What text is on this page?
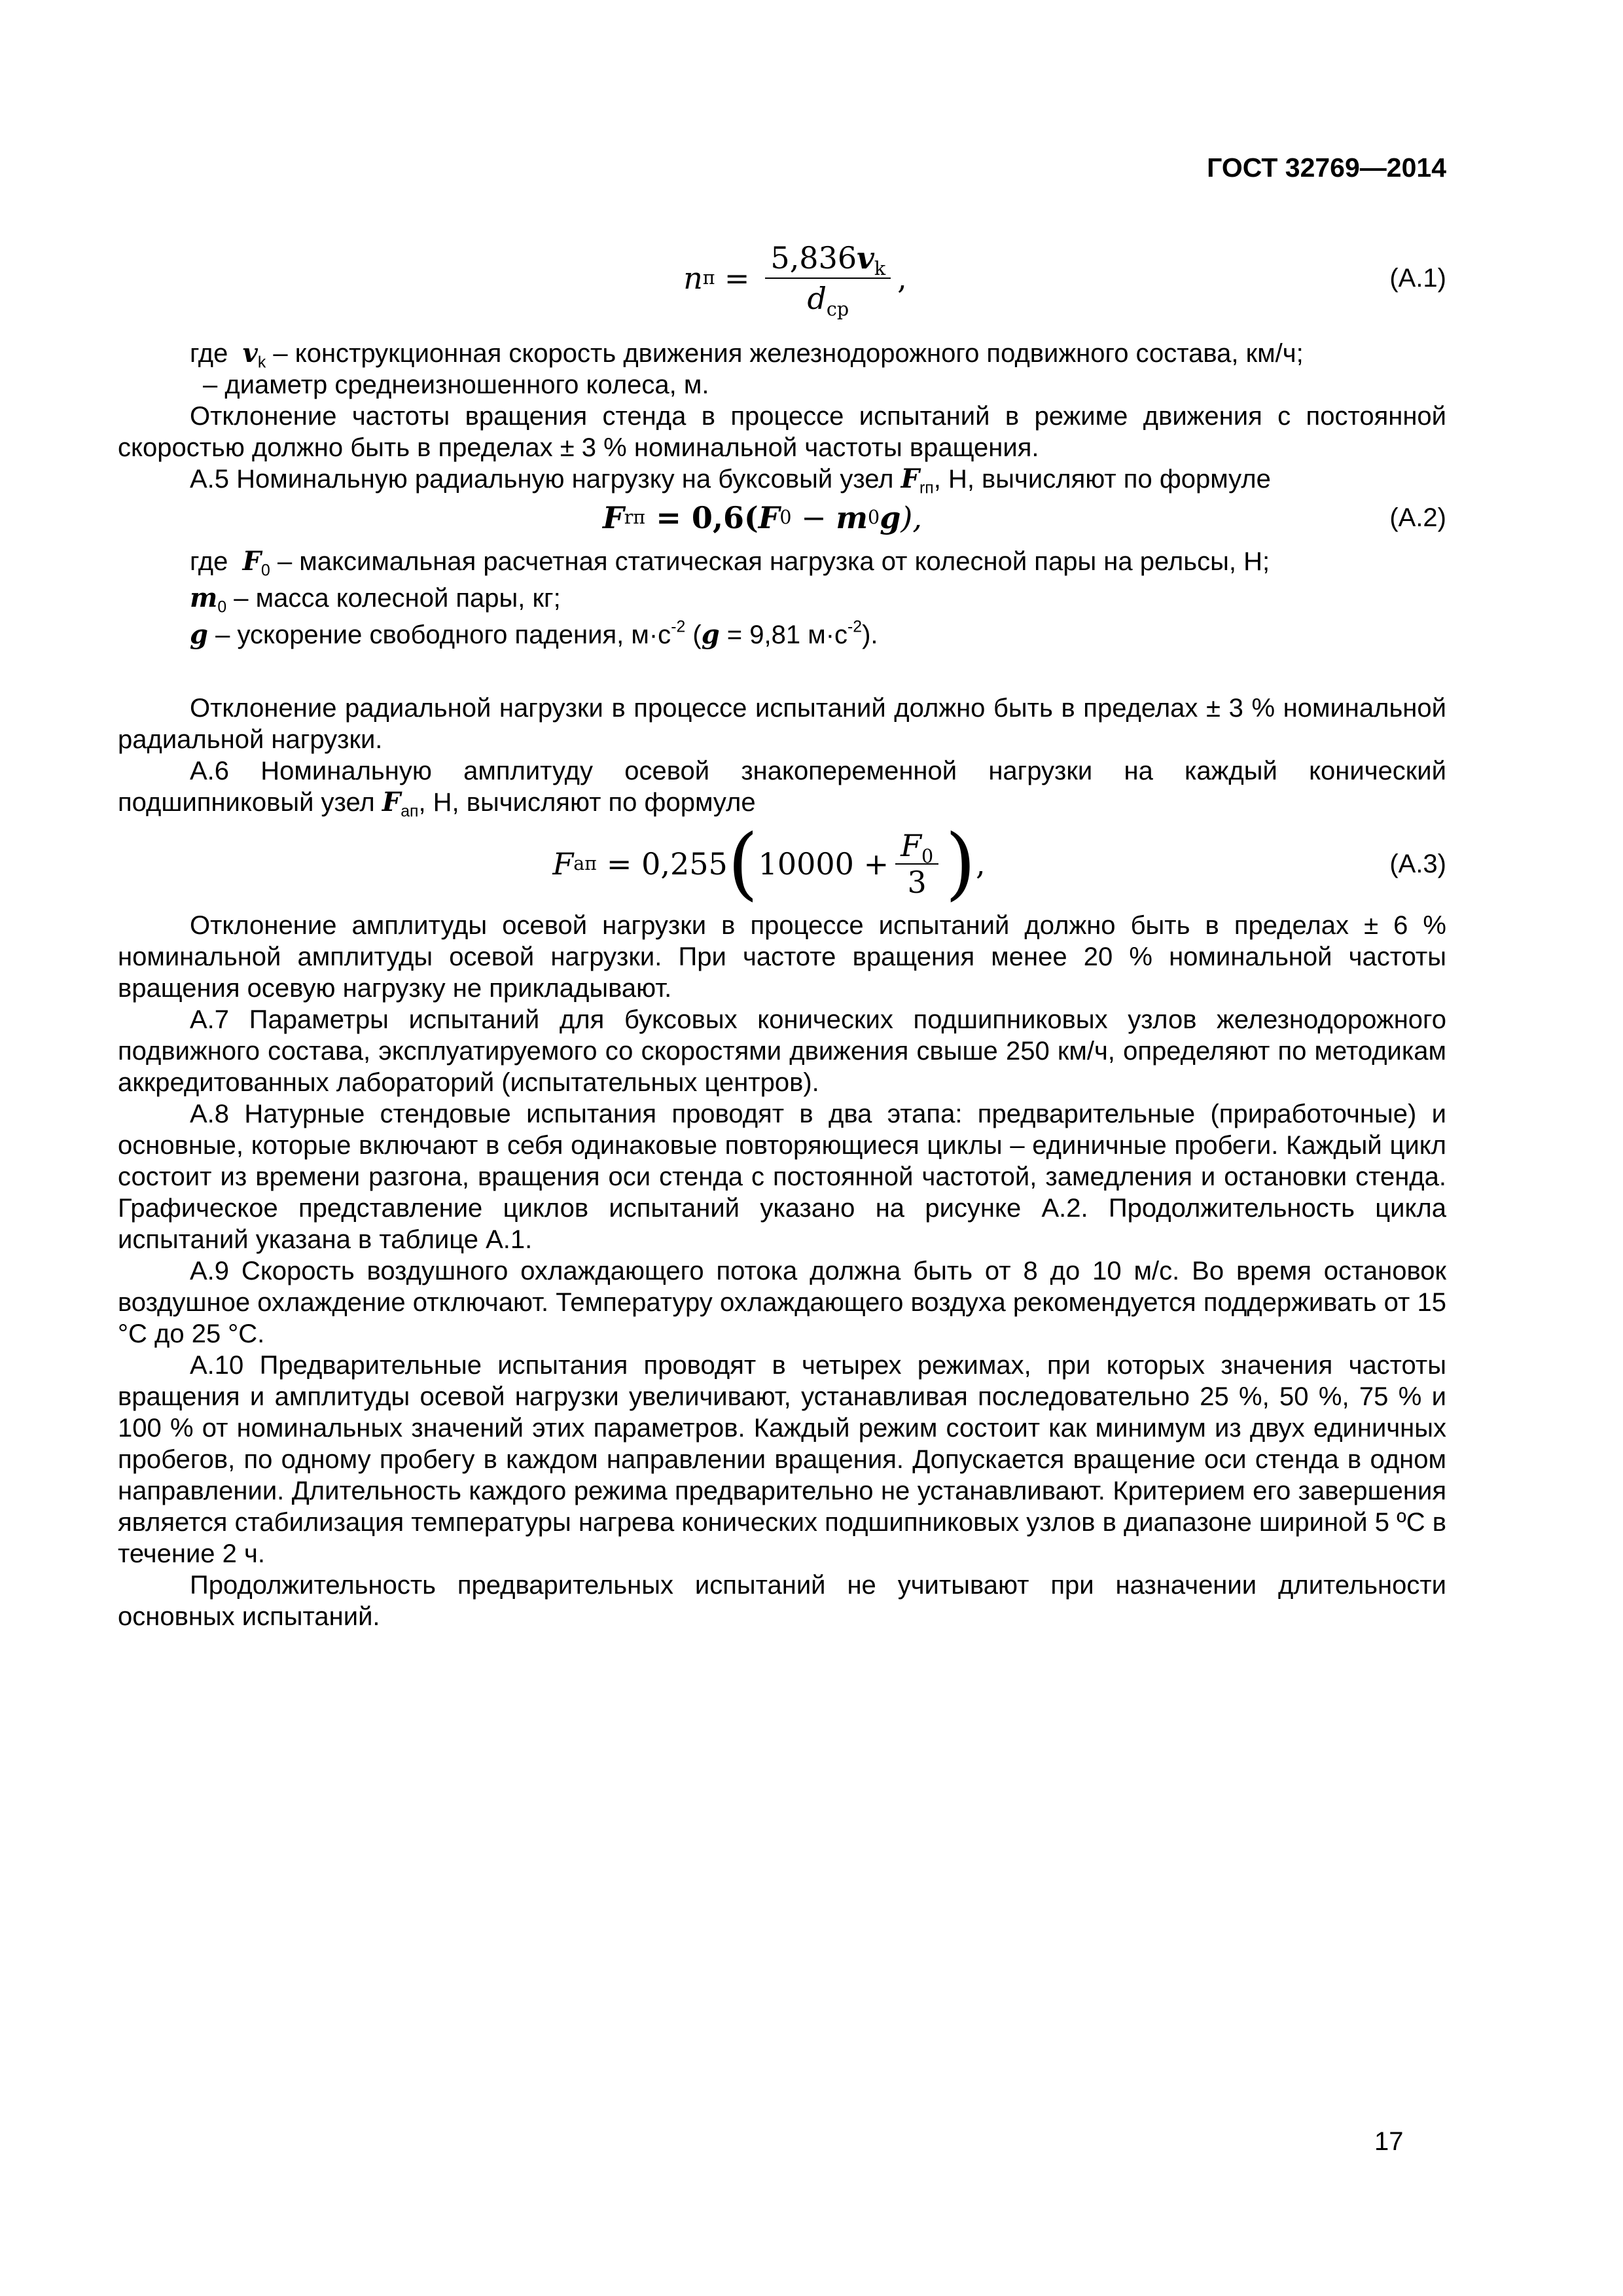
ГОСТ 32769—2014
n $п = \frac{5,836v_k}{d_{ср}}$ ,	(А.1)
где $v_k$ – конструкционная скорость движения железнодорожного подвижного состава, км/ч;
– диаметр среднеизношенного колеса, м.

Отклонение частоты вращения стенда в процессе испытаний в режиме движения с постоянной скоростью должно быть в пределах ± 3 % номинальной частоты вращения.

А.5 Номинальную радиальную нагрузку на буксовый узел $F_{rп}$, Н, вычисляют по формуле

F rп = 0,6( F 0 − m 0 g ),	(А.2)
где $F_0$ – максимальная расчетная статическая нагрузка от колесной пары на рельсы, Н;
$m_0$ – масса колесной пары, кг;
g – ускорение свободного падения, $м\cdot с^{-2}$ (g = 9,81 $м\cdot с^{-2}$).

Отклонение радиальной нагрузки в процессе испытаний должно быть в пределах ± 3 % номинальной радиальной нагрузки.

А.6 Номинальную амплитуду осевой знакопеременной нагрузки на каждый конический подшипниковый узел $F_{aп}$, Н, вычисляют по формуле

F aп = 0,255 ( $10000 + \frac{F_0}{3}$ ) ,	(А.3)

Отклонение амплитуды осевой нагрузки в процессе испытаний должно быть в пределах ± 6 % номинальной амплитуды осевой нагрузки. При частоте вращения менее 20 % номинальной частоты вращения осевую нагрузку не прикладывают.

А.7 Параметры испытаний для буксовых конических подшипниковых узлов железнодорожного подвижного состава, эксплуатируемого со скоростями движения свыше 250 км/ч, определяют по методикам аккредитованных лабораторий (испытательных центров).

А.8 Натурные стендовые испытания проводят в два этапа: предварительные (приработочные) и основные, которые включают в себя одинаковые повторяющиеся циклы – единичные пробеги. Каждый цикл состоит из времени разгона, вращения оси стенда с постоянной частотой, замедления и остановки стенда. Графическое представление циклов испытаний указано на рисунке А.2. Продолжительность цикла испытаний указана в таблице А.1.

А.9 Скорость воздушного охлаждающего потока должна быть от 8 до 10 м/с. Во время остановок воздушное охлаждение отключают. Температуру охлаждающего воздуха рекомендуется поддерживать от 15 °С до 25 °С.

А.10 Предварительные испытания проводят в четырех режимах, при которых значения частоты вращения и амплитуды осевой нагрузки увеличивают, устанавливая последовательно 25 %, 50 %, 75 % и 100 % от номинальных значений этих параметров. Каждый режим состоит как минимум из двух единичных пробегов, по одному пробегу в каждом направлении вращения. Допускается вращение оси стенда в одном направлении. Длительность каждого режима предварительно не устанавливают. Критерием его завершения является стабилизация температуры нагрева конических подшипниковых узлов в диапазоне шириной 5 ºС в течение 2 ч.

Продолжительность предварительных испытаний не учитывают при назначении длительности основных испытаний.

17
